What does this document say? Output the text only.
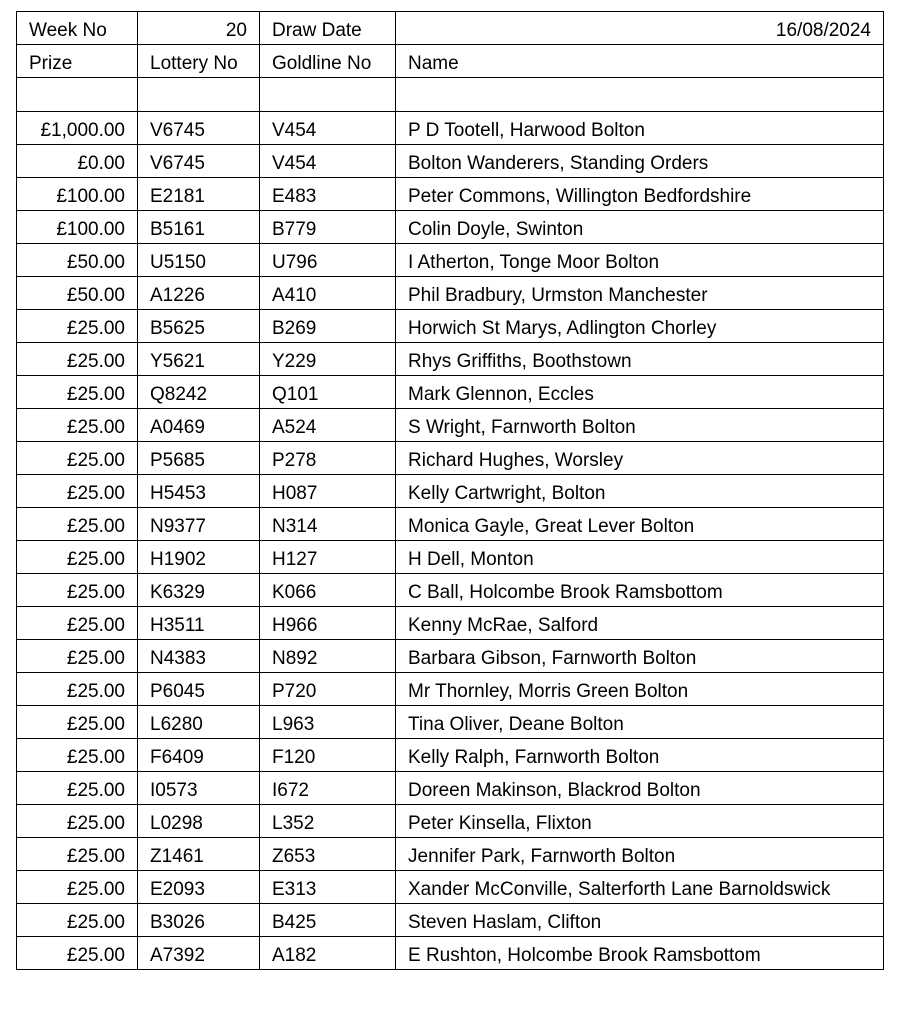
Week No	20	Draw Date	16/08/2024
Prize	Lottery No	Goldline No	Name

£1,000.00	V6745	V454	P D Tootell, Harwood Bolton
£0.00	V6745	V454	Bolton Wanderers, Standing Orders
£100.00	E2181	E483	Peter Commons, Willington Bedfordshire
£100.00	B5161	B779	Colin Doyle, Swinton
£50.00	U5150	U796	I Atherton, Tonge Moor Bolton
£50.00	A1226	A410	Phil Bradbury, Urmston Manchester
£25.00	B5625	B269	Horwich St Marys, Adlington Chorley
£25.00	Y5621	Y229	Rhys Griffiths, Boothstown
£25.00	Q8242	Q101	Mark Glennon, Eccles
£25.00	A0469	A524	S Wright, Farnworth Bolton
£25.00	P5685	P278	Richard Hughes, Worsley
£25.00	H5453	H087	Kelly Cartwright, Bolton
£25.00	N9377	N314	Monica Gayle, Great Lever Bolton
£25.00	H1902	H127	H Dell, Monton
£25.00	K6329	K066	C Ball, Holcombe Brook Ramsbottom
£25.00	H3511	H966	Kenny McRae, Salford
£25.00	N4383	N892	Barbara Gibson, Farnworth Bolton
£25.00	P6045	P720	Mr Thornley, Morris Green Bolton
£25.00	L6280	L963	Tina Oliver, Deane Bolton
£25.00	F6409	F120	Kelly Ralph, Farnworth Bolton
£25.00	I0573	I672	Doreen Makinson, Blackrod Bolton
£25.00	L0298	L352	Peter Kinsella, Flixton
£25.00	Z1461	Z653	Jennifer Park, Farnworth Bolton
£25.00	E2093	E313	Xander McConville, Salterforth Lane Barnoldswick
£25.00	B3026	B425	Steven Haslam, Clifton
£25.00	A7392	A182	E Rushton, Holcombe Brook Ramsbottom
